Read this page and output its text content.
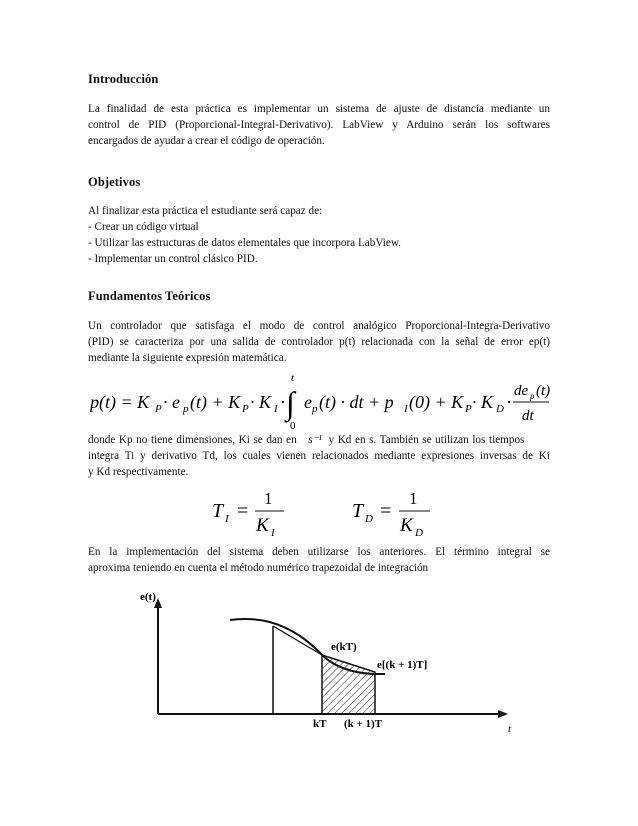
Introducción
La finalidad de esta práctica es implementar un sistema de ajuste de distancia mediante un
control de PID (Proporcional-Integral-Derivativo). LabView y Arduino serán los softwares
encargados de ayudar a crear el código de operación.
Objetivos
Al finalizar esta práctica el estudiante será capaz de:
- Crear un código virtual
- Utilizar las estructuras de datos elementales que incorpora LabView.
- Implementar un control clásico PID.
Fundamentos Teóricos
Un controlador que satisfaga el modo de control analógico Proporcional-Integra-Derivativo
(PID) se caracteriza por una salida de controlador p(t) relacionada con la señal de error ep(t)
mediante la siguiente expresión matemática.
p(t) = K P · e p (t) + K P · K I ·
t
∫
0
e p (t) · dt + p I (0) + K P · K D ·
de p (t)
dt
donde Kp no tiene dimensiones, Ki se dan en s⁻¹ y Kd en s. También se utilizan los tiempos
integra Ti y derivativo Td, los cuales vienen relacionados mediante expresiones inversas de Ki
y Kd respectivamente.
T I =
1
K I
T D =
1
K D
En la implementación del sistema deben utilizarse los anteriores. El término integral se
aproxima teniendo en cuenta el método numérico trapezoidal de integración
e(t)
t
e(kT)
e[(k + 1)T]
kT (k + 1)T
